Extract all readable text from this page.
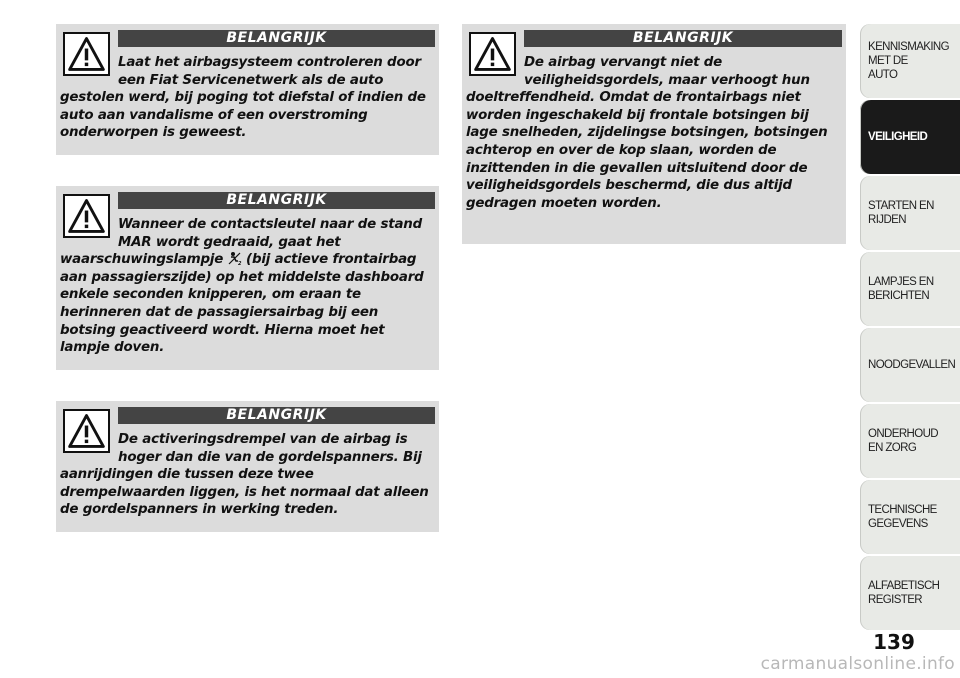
BELANGRIJK
Laat het airbagsysteem controleren door een Fiat Servicenetwerk als de auto gestolen werd, bij poging tot diefstal of indien de auto aan vandalisme of een overstroming onderworpen is geweest.
BELANGRIJK
Wanneer de contactsleutel naar de stand MAR wordt gedraaid, gaat het waarschuwingslampje	2 (bij actieve frontairbag aan passagierszijde) op het middelste dashboard enkele seconden knipperen, om eraan te herinneren dat de passagiersairbag bij een botsing geactiveerd wordt. Hierna moet het lampje doven.
BELANGRIJK
De activeringsdrempel van de airbag is hoger dan die van de gordelspanners. Bij aanrijdingen die tussen deze twee drempelwaarden liggen, is het normaal dat alleen de gordelspanners in werking treden.
BELANGRIJK
De airbag vervangt niet de veiligheidsgordels, maar verhoogt hun doeltreffendheid. Omdat de frontairbags niet worden ingeschakeld bij frontale botsingen bij lage snelheden, zijdelingse botsingen, botsingen achterop en over de kop slaan, worden de inzittenden in die gevallen uitsluitend door de veiligheidsgordels beschermd, die dus altijd gedragen moeten worden.
KENNISMAKING MET DE AUTO
VEILIGHEID
STARTEN EN RIJDEN
LAMPJES EN BERICHTEN
NOODGEVALLEN
ONDERHOUD EN ZORG
TECHNISCHE GEGEVENS
ALFABETISCH REGISTER
139
carmanualsonline.info
